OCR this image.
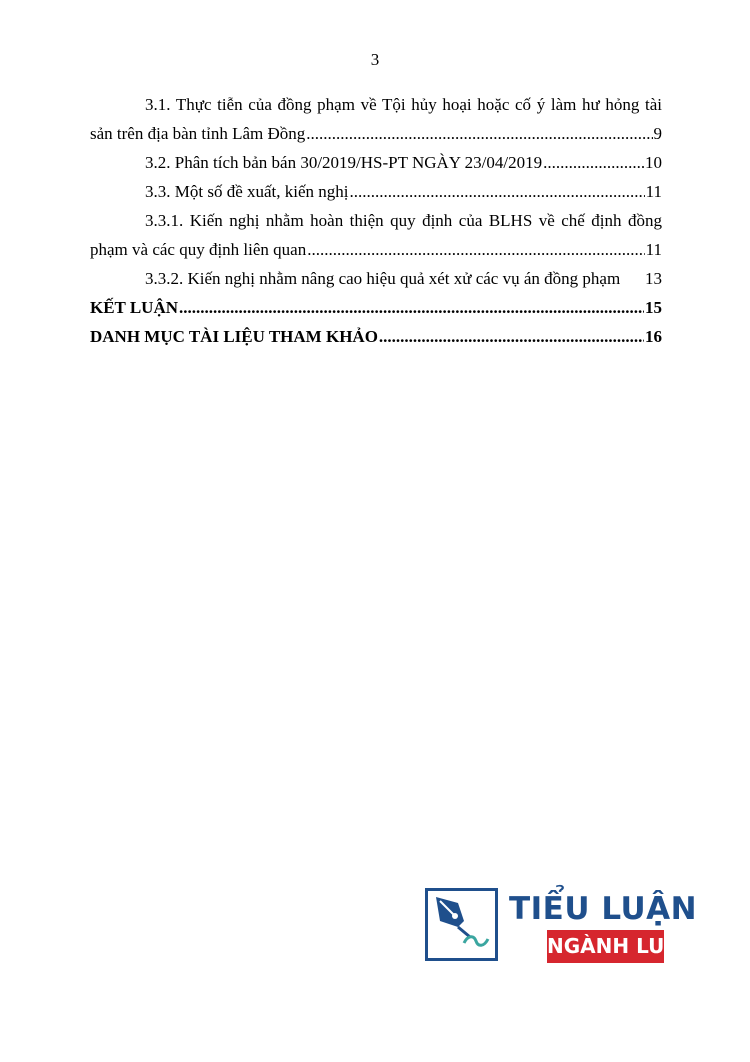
3
3.1. Thực tiễn của đồng phạm về Tội hủy hoại hoặc cố ý làm hư hỏng tài
sản trên địa bàn tỉnh Lâm Đồng .....	9
3.2. Phân tích bản bán 30/2019/HS-PT NGÀY 23/04/2019 .....	10
3.3. Một số đề xuất, kiến nghị .....	11
3.3.1. Kiến nghị nhằm hoàn thiện quy định của BLHS về chế định đồng
phạm và các quy định liên quan .....	11
3.3.2. Kiến nghị nhằm nâng cao hiệu quả xét xử các vụ án đồng phạm 13
KẾT LUẬN .....	15
DANH MỤC TÀI LIỆU THAM KHẢO .....	16
TIỂU LUẬN
NGÀNH LUẬT
